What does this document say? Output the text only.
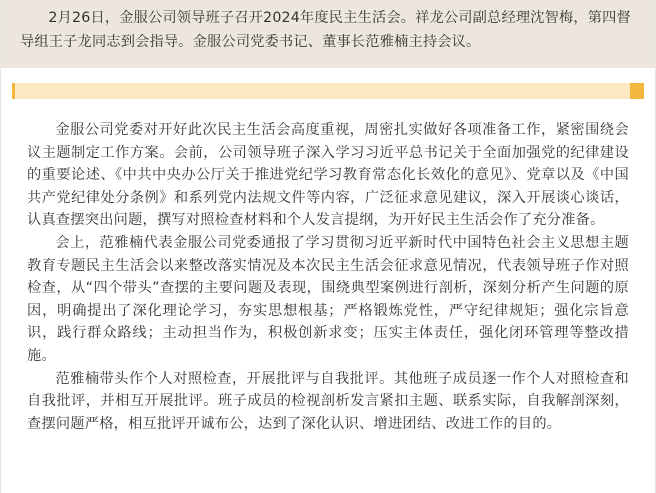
2月26日，金服公司领导班子召开2024年度民主生活会。祥龙公司副总经理沈智梅，第四督导组王子龙同志到会指导。金服公司党委书记、董事长范雅楠主持会议。

金服公司党委对开好此次民主生活会高度重视，周密扎实做好各项准备工作，紧密围绕会议主题制定工作方案。会前，公司领导班子深入学习习近平总书记关于全面加强党的纪律建设的重要论述、《中共中央办公厅关于推进党纪学习教育常态化长效化的意见》、党章以及《中国共产党纪律处分条例》和系列党内法规文件等内容，广泛征求意见建议，深入开展谈心谈话，认真查摆突出问题，撰写对照检查材料和个人发言提纲，为开好民主生活会作了充分准备。

会上，范雅楠代表金服公司党委通报了学习贯彻习近平新时代中国特色社会主义思想主题教育专题民主生活会以来整改落实情况及本次民主生活会征求意见情况，代表领导班子作对照检查，从“四个带头”查摆的主要问题及表现，围绕典型案例进行剖析，深刻分析产生问题的原因，明确提出了深化理论学习，夯实思想根基；严格锻炼党性，严守纪律规矩；强化宗旨意识，践行群众路线；主动担当作为，积极创新求变；压实主体责任，强化闭环管理等整改措施。

范雅楠带头作个人对照检查，开展批评与自我批评。其他班子成员逐一作个人对照检查和自我批评，并相互开展批评。班子成员的检视剖析发言紧扣主题、联系实际，自我解剖深刻，查摆问题严格，相互批评开诚布公，达到了深化认识、增进团结、改进工作的目的。
